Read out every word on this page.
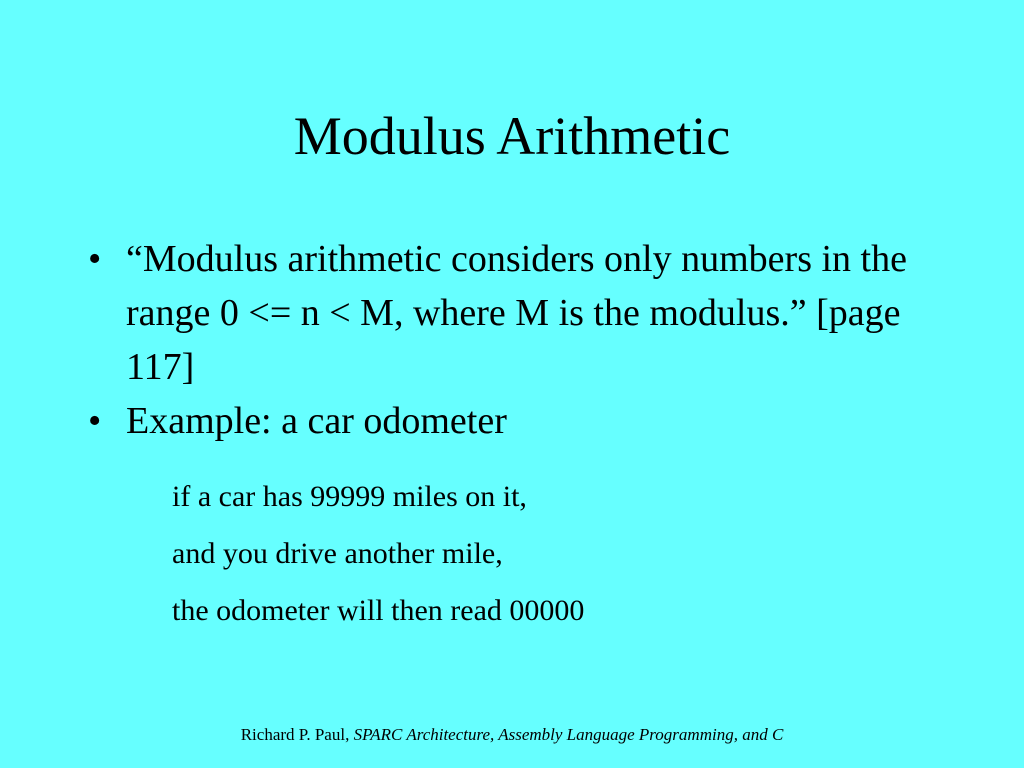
Modulus Arithmetic
• “Modulus arithmetic considers only numbers in the range 0 <= n < M, where M is the modulus.” [page 117]
• Example: a car odometer
if a car has 99999 miles on it,
and you drive another mile,
the odometer will then read 00000
Richard P. Paul, SPARC Architecture, Assembly Language Programming, and C
